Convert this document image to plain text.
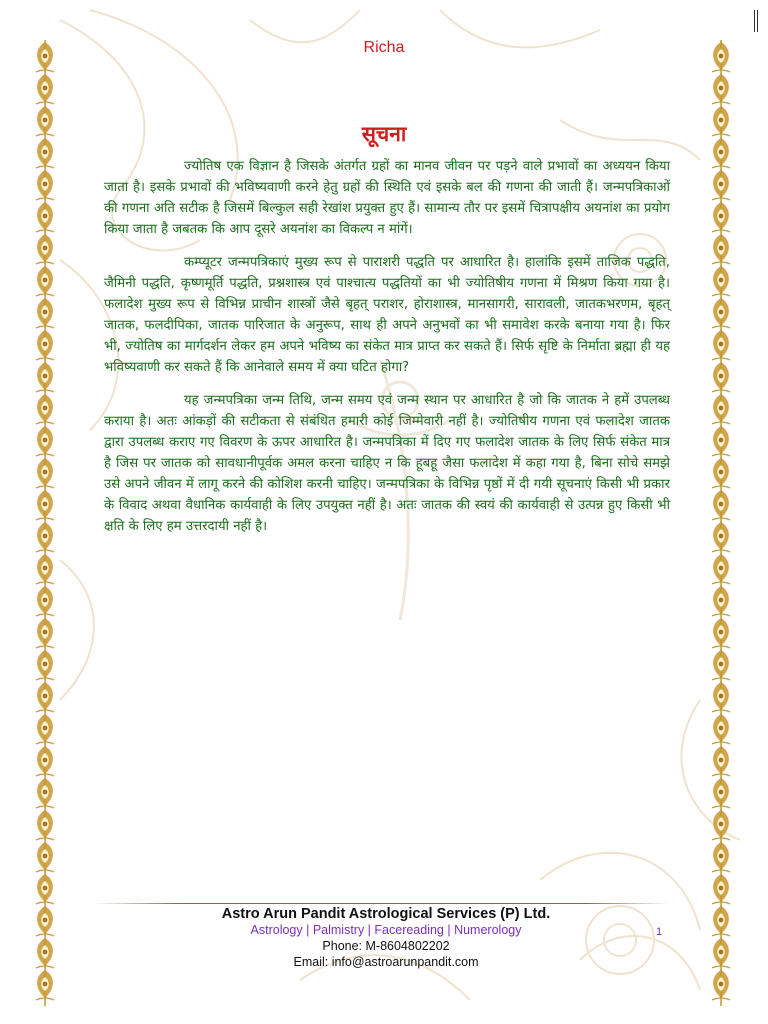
Richa
सूचना

ज्योतिष एक विज्ञान है जिसके अंतर्गत ग्रहों का मानव जीवन पर पड़ने वाले प्रभावों का अध्ययन किया जाता है। इसके प्रभावों की भविष्यवाणी करने हेतु ग्रहों की स्थिति एवं इसके बल की गणना की जाती हैं। जन्मपत्रिकाओं की गणना अति सटीक है जिसमें बिल्कुल सही रेखांश प्रयुक्त हुए हैं। सामान्य तौर पर इसमें चित्रापक्षीय अयनांश का प्रयोग किया जाता है जबतक कि आप दूसरे अयनांश का विकल्प न मांगें।

कम्प्यूटर जन्मपत्रिकाएं मुख्य रूप से पाराशरी पद्धति पर आधारित है। हालांकि इसमें ताजिक पद्धति, जैमिनी पद्धति, कृष्णमूर्ति पद्धति, प्रश्नशास्त्र एवं पाश्चात्य पद्धतियों का भी ज्योतिषीय गणना में मिश्रण किया गया है। फलादेश मुख्य रूप से विभिन्न प्राचीन शास्त्रों जैसे बृहत् पराशर, होराशास्त्र, मानसागरी, सारावली, जातकभरणम, बृहत् जातक, फलदीपिका, जातक पारिजात के अनुरूप, साथ ही अपने अनुभवों का भी समावेश करके बनाया गया है। फिर भी, ज्योतिष का मार्गदर्शन लेकर हम अपने भविष्य का संकेत मात्र प्राप्त कर सकते हैं। सिर्फ सृष्टि के निर्माता ब्रह्मा ही यह भविष्यवाणी कर सकते हैं कि आनेवाले समय में क्या घटित होगा?

यह जन्मपत्रिका जन्म तिथि, जन्म समय एवं जन्म स्थान पर आधारित है जो कि जातक ने हमें उपलब्ध कराया है। अतः आंकड़ों की सटीकता से संबंधित हमारी कोई जिम्मेवारी नहीं है। ज्योतिषीय गणना एवं फलादेश जातक द्वारा उपलब्ध कराए गए विवरण के ऊपर आधारित है। जन्मपत्रिका में दिए गए फलादेश जातक के लिए सिर्फ संकेत मात्र है जिस पर जातक को सावधानीपूर्वक अमल करना चाहिए न कि हूबहू जैसा फलादेश में कहा गया है, बिना सोचे समझे उसे अपने जीवन में लागू करने की कोशिश करनी चाहिए। जन्मपत्रिका के विभिन्न पृष्ठों में दी गयी सूचनाएं किसी भी प्रकार के विवाद अथवा वैधानिक कार्यवाही के लिए उपयुक्त नहीं है। अतः जातक की स्वयं की कार्यवाही से उत्पन्न हुए किसी भी क्षति के लिए हम उत्तरदायी नहीं है।

Astro Arun Pandit Astrological Services (P) Ltd.
Astrology | Palmistry | Facereading | Numerology
Phone: M-8604802202
Email: info@astroarunpandit.com
1
